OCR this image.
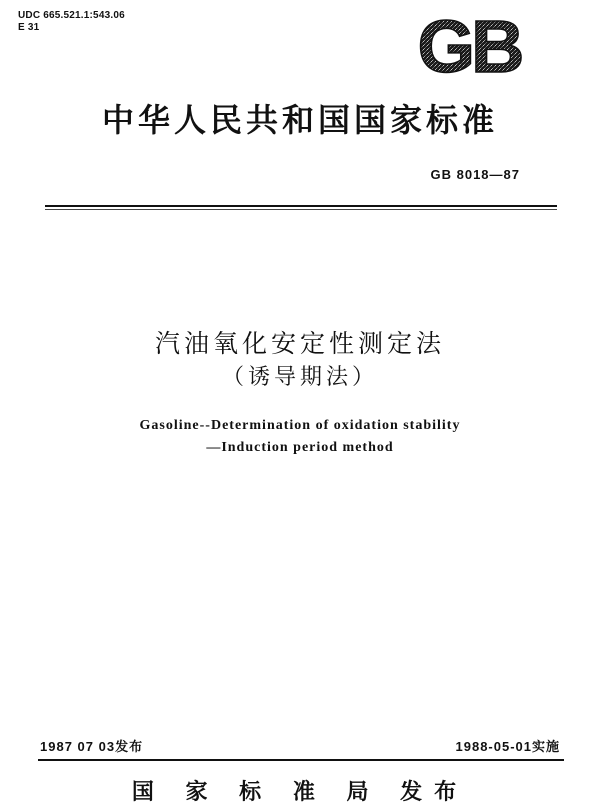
UDC 665.521.1:543.06
E 31	GB
中华人民共和国国家标准
GB 8018—87
汽油氧化安定性测定法
（诱导期法）
Gasoline--Determination of oxidation stability
—Induction period method
1987 07 03发布	1988-05-01实施
国 家 标 准 局 发布
